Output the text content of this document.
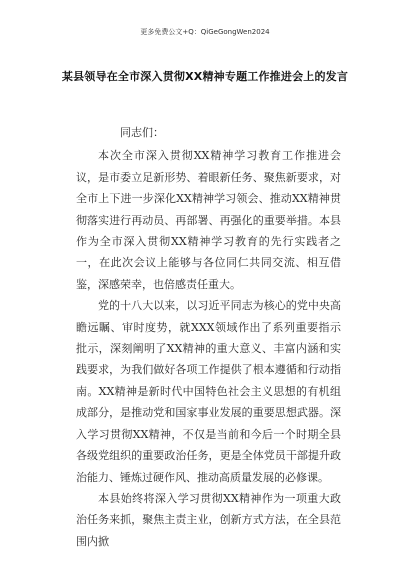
更多免费公文+Q：QiGeGongWen2024
某县领导在全市深入贯彻XX精神专题工作推进会上的发言

同志们：

本次全市深入贯彻XX精神学习教育工作推进会议，是市委立足新形势、着眼新任务、聚焦新要求，对全市上下进一步深化XX精神学习领会、推动XX精神贯彻落实进行再动员、再部署、再强化的重要举措。本县作为全市深入贯彻XX精神学习教育的先行实践者之一，在此次会议上能够与各位同仁共同交流、相互借鉴，深感荣幸，也倍感责任重大。

党的十八大以来，以习近平同志为核心的党中央高瞻远瞩、审时度势，就XXX领域作出了系列重要指示批示，深刻阐明了XX精神的重大意义、丰富内涵和实践要求，为我们做好各项工作提供了根本遵循和行动指南。XX精神是新时代中国特色社会主义思想的有机组成部分，是推动党和国家事业发展的重要思想武器。深入学习贯彻XX精神，不仅是当前和今后一个时期全县各级党组织的重要政治任务，更是全体党员干部提升政治能力、锤炼过硬作风、推动高质量发展的必修课。

本县始终将深入学习贯彻XX精神作为一项重大政治任务来抓，聚焦主责主业，创新方式方法，在全县范围内掀
